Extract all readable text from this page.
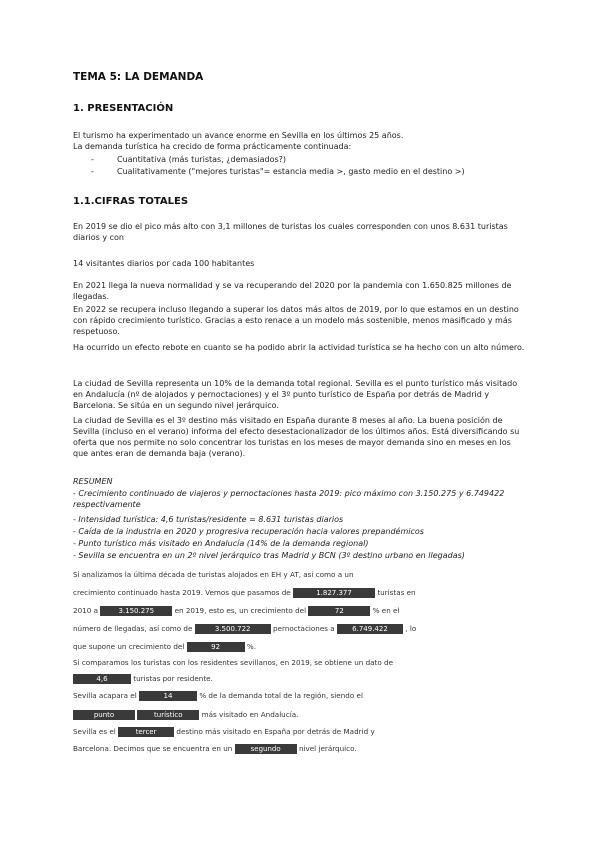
TEMA 5: LA DEMANDA
1. PRESENTACIÓN
El turismo ha experimentado un avance enorme en Sevilla en los últimos 25 años.
La demanda turística ha crecido de forma prácticamente continuada:
-	Cuantitativa (más turistas, ¿demasiados?)
-	Cualitativamente ("mejores turistas"= estancia media >, gasto medio en el destino >)
1.1.CIFRAS TOTALES
En 2019 se dio el pico más alto con 3,1 millones de turistas los cuales corresponden con unos 8.631 turistas diarios y con
14 visitantes diarios por cada 100 habitantes
En 2021 llega la nueva normalidad y se va recuperando del 2020 por la pandemia con 1.650.825 millones de llegadas.
En 2022 se recupera incluso llegando a superar los datos más altos de 2019, por lo que estamos en un destino con rápido crecimiento turístico. Gracias a esto renace a un modelo más sostenible, menos masificado y más respetuoso.
Ha ocurrido un efecto rebote en cuanto se ha podido abrir la actividad turística se ha hecho con un alto número.
La ciudad de Sevilla representa un 10% de la demanda total regional. Sevilla es el punto turístico más visitado en Andalucía (nº de alojados y pernoctaciones) y el 3º punto turístico de España por detrás de Madrid y Barcelona. Se sitúa en un segundo nivel jerárquico.
La ciudad de Sevilla es el 3º destino más visitado en España durante 8 meses al año. La buena posición de Sevilla (incluso en el verano) informa del efecto desestacionalizador de los últimos años. Está diversificando su oferta que nos permite no solo concentrar los turistas en los meses de mayor demanda sino en meses en los que antes eran de demanda baja (verano).
RESUMEN
- Crecimiento continuado de viajeros y pernoctaciones hasta 2019: pico máximo con 3.150.275 y 6.749422 respectivamente
- Intensidad turística: 4,6 turistas/residente = 8.631 turistas diarios
- Caída de la industria en 2020 y progresiva recuperación hacia valores prepandémicos
- Punto turístico más visitado en Andalucía (14% de la demanda regional)
- Sevilla se encuentra en un 2º nivel jerárquico tras Madrid y BCN (3º destino urbano en llegadas)
Si analizamos la última década de turistas alojados en EH y AT, así como a un
crecimiento continuado hasta 2019. Vemos que pasamos de	1.827.377	turistas en
2010 a	3.150.275	en 2019, esto es, un crecimiento del	72	% en el
número de llegadas, así como de	3.500.722	pernoctaciones a 6.749.422 , lo
que supone un crecimiento del	92	%.
Si comparamos los turistas con los residentes sevillanos, en 2019, se obtiene un dato de
4,6	turistas por residente.
Sevilla acapara el	14	% de la demanda total de la región, siendo el
punto	turístico	más visitado en Andalucía.
Sevilla es el	tercer	destino más visitado en España por detrás de Madrid y
Barcelona. Decimos que se encuentra en un	segundo	nivel jerárquico.
